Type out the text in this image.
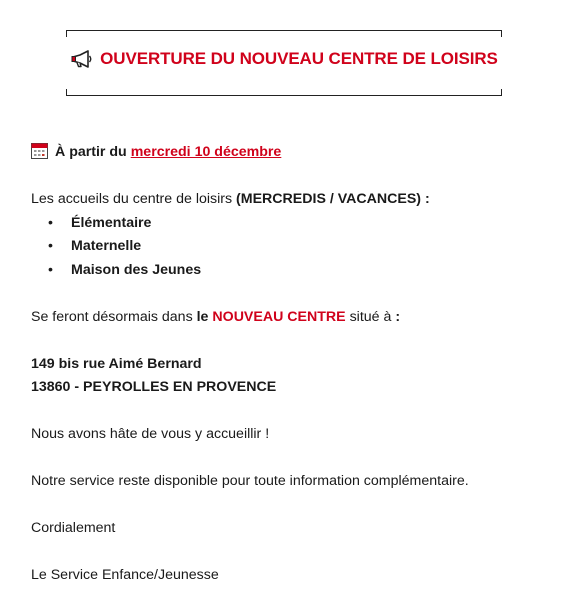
OUVERTURE DU NOUVEAU CENTRE DE LOISIRS
À partir du mercredi 10 décembre
Les accueils du centre de loisirs (MERCREDIS / VACANCES) :
• Élémentaire
• Maternelle
• Maison des Jeunes
Se feront désormais dans le NOUVEAU CENTRE situé à :
149 bis rue Aimé Bernard
13860 - PEYROLLES EN PROVENCE
Nous avons hâte de vous y accueillir !
Notre service reste disponible pour toute information complémentaire.
Cordialement
Le Service Enfance/Jeunesse
